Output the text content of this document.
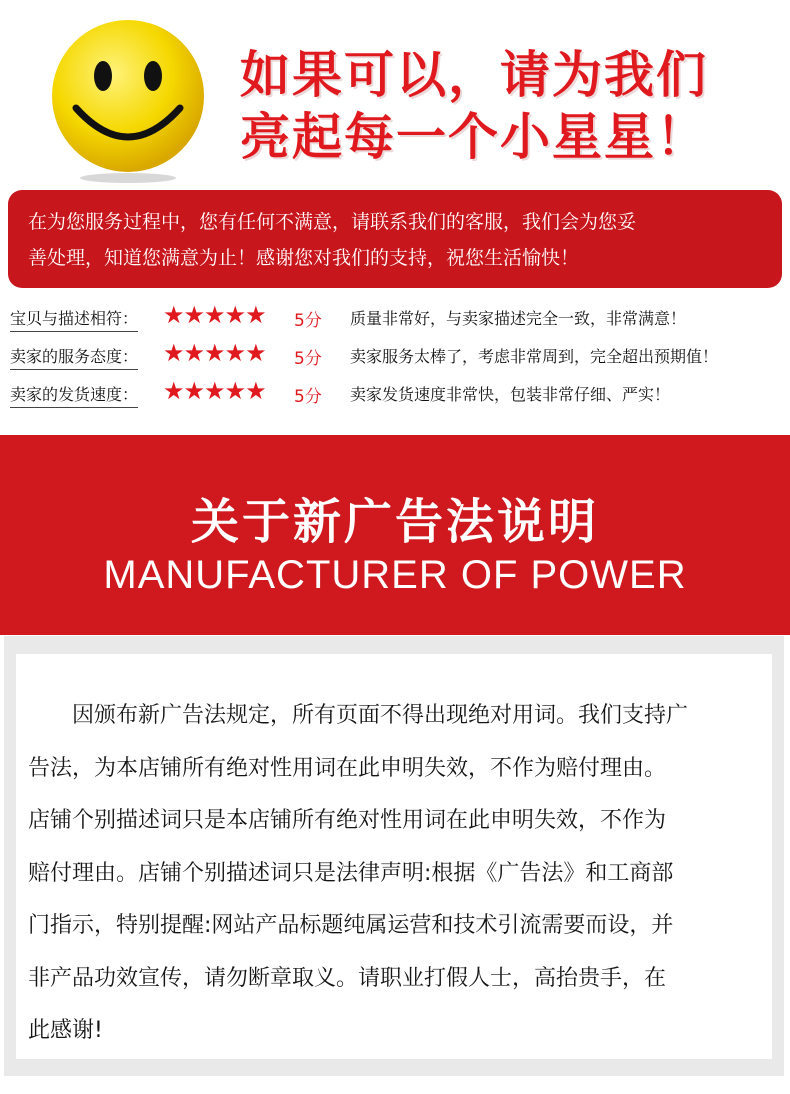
如果可以，请为我们
亮起每一个小星星！
在为您服务过程中，您有任何不满意，请联系我们的客服，我们会为您妥
善处理，知道您满意为止！感谢您对我们的支持，祝您生活愉快！
宝贝与描述相符： ★★★★★ 5分 质量非常好，与卖家描述完全一致，非常满意！
卖家的服务态度： ★★★★★ 5分 卖家服务太棒了，考虑非常周到，完全超出预期值！
卖家的发货速度： ★★★★★ 5分 卖家发货速度非常快，包装非常仔细、严实！
关于新广告法说明
MANUFACTURER OF POWER
　　因颁布新广告法规定，所有页面不得出现绝对用词。我们支持广
告法，为本店铺所有绝对性用词在此申明失效，不作为赔付理由。
店铺个别描述词只是本店铺所有绝对性用词在此申明失效，不作为
赔付理由。店铺个别描述词只是法律声明:根据《广告法》和工商部
门指示，特别提醒:网站产品标题纯属运营和技术引流需要而设，并
非产品功效宣传，请勿断章取义。请职业打假人士，高抬贵手，在
此感谢!
